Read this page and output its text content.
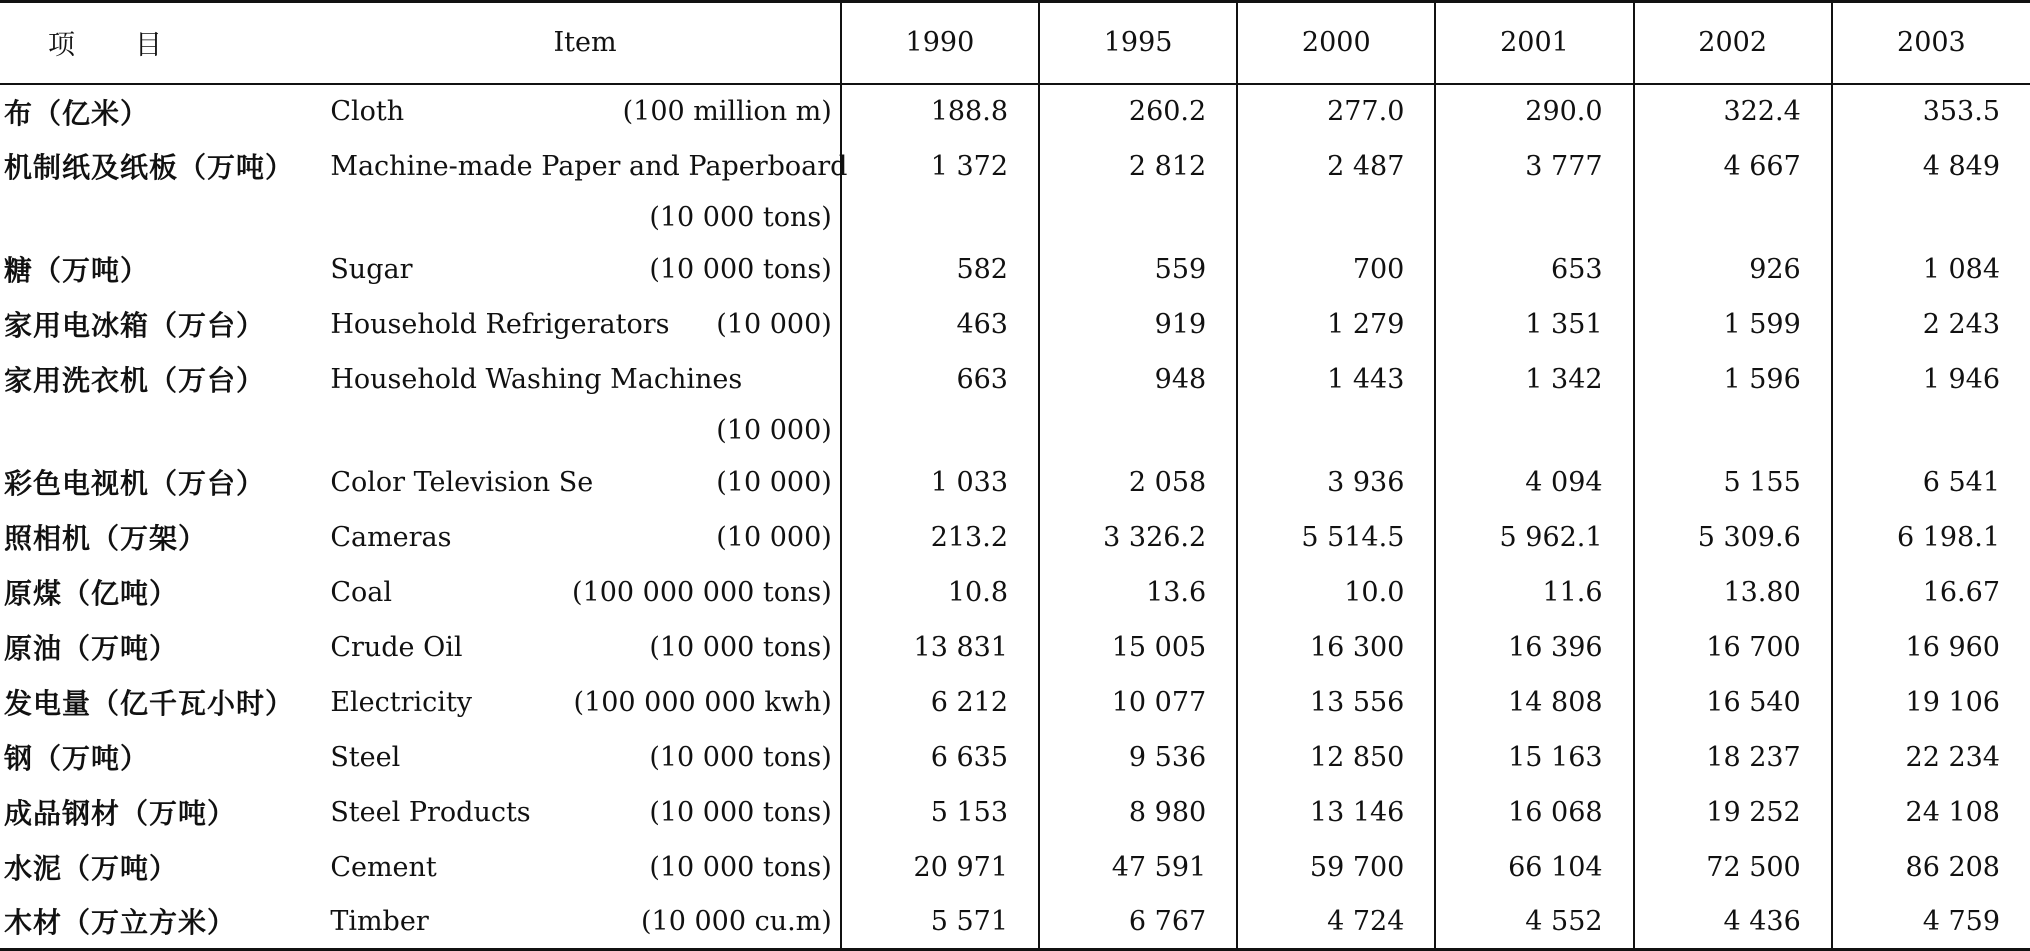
项目	Item	1990	1995	2000	2001	2002	2003
布（亿米）	Cloth (100 million m)	188.8	260.2	277.0	290.0	322.4	353.5
机制纸及纸板（万吨）	Machine-made Paper and Paperboard	1 372	2 812	2 487	3 777	4 667	4 849

	(10 000 tons)						

糖（万吨）	Sugar (10 000 tons)	582	559	700	653	926	1 084
家用电冰箱（万台）	Household Refrigerators (10 000)	463	919	1 279	1 351	1 599	2 243
家用洗衣机（万台）	Household Washing Machines	663	948	1 443	1 342	1 596	1 946

	(10 000)						

彩色电视机（万台）	Color Television Se (10 000)	1 033	2 058	3 936	4 094	5 155	6 541
照相机（万架）	Cameras (10 000)	213.2	3 326.2	5 514.5	5 962.1	5 309.6	6 198.1
原煤（亿吨）	Coal (100 000 000 tons)	10.8	13.6	10.0	11.6	13.80	16.67
原油（万吨）	Crude Oil (10 000 tons)	13 831	15 005	16 300	16 396	16 700	16 960
发电量（亿千瓦小时）	Electricity (100 000 000 kwh)	6 212	10 077	13 556	14 808	16 540	19 106
钢（万吨）	Steel (10 000 tons)	6 635	9 536	12 850	15 163	18 237	22 234
成品钢材（万吨）	Steel Products (10 000 tons)	5 153	8 980	13 146	16 068	19 252	24 108
水泥（万吨）	Cement (10 000 tons)	20 971	47 591	59 700	66 104	72 500	86 208
木材（万立方米）	Timber (10 000 cu.m)	5 571	6 767	4 724	4 552	4 436	4 759
